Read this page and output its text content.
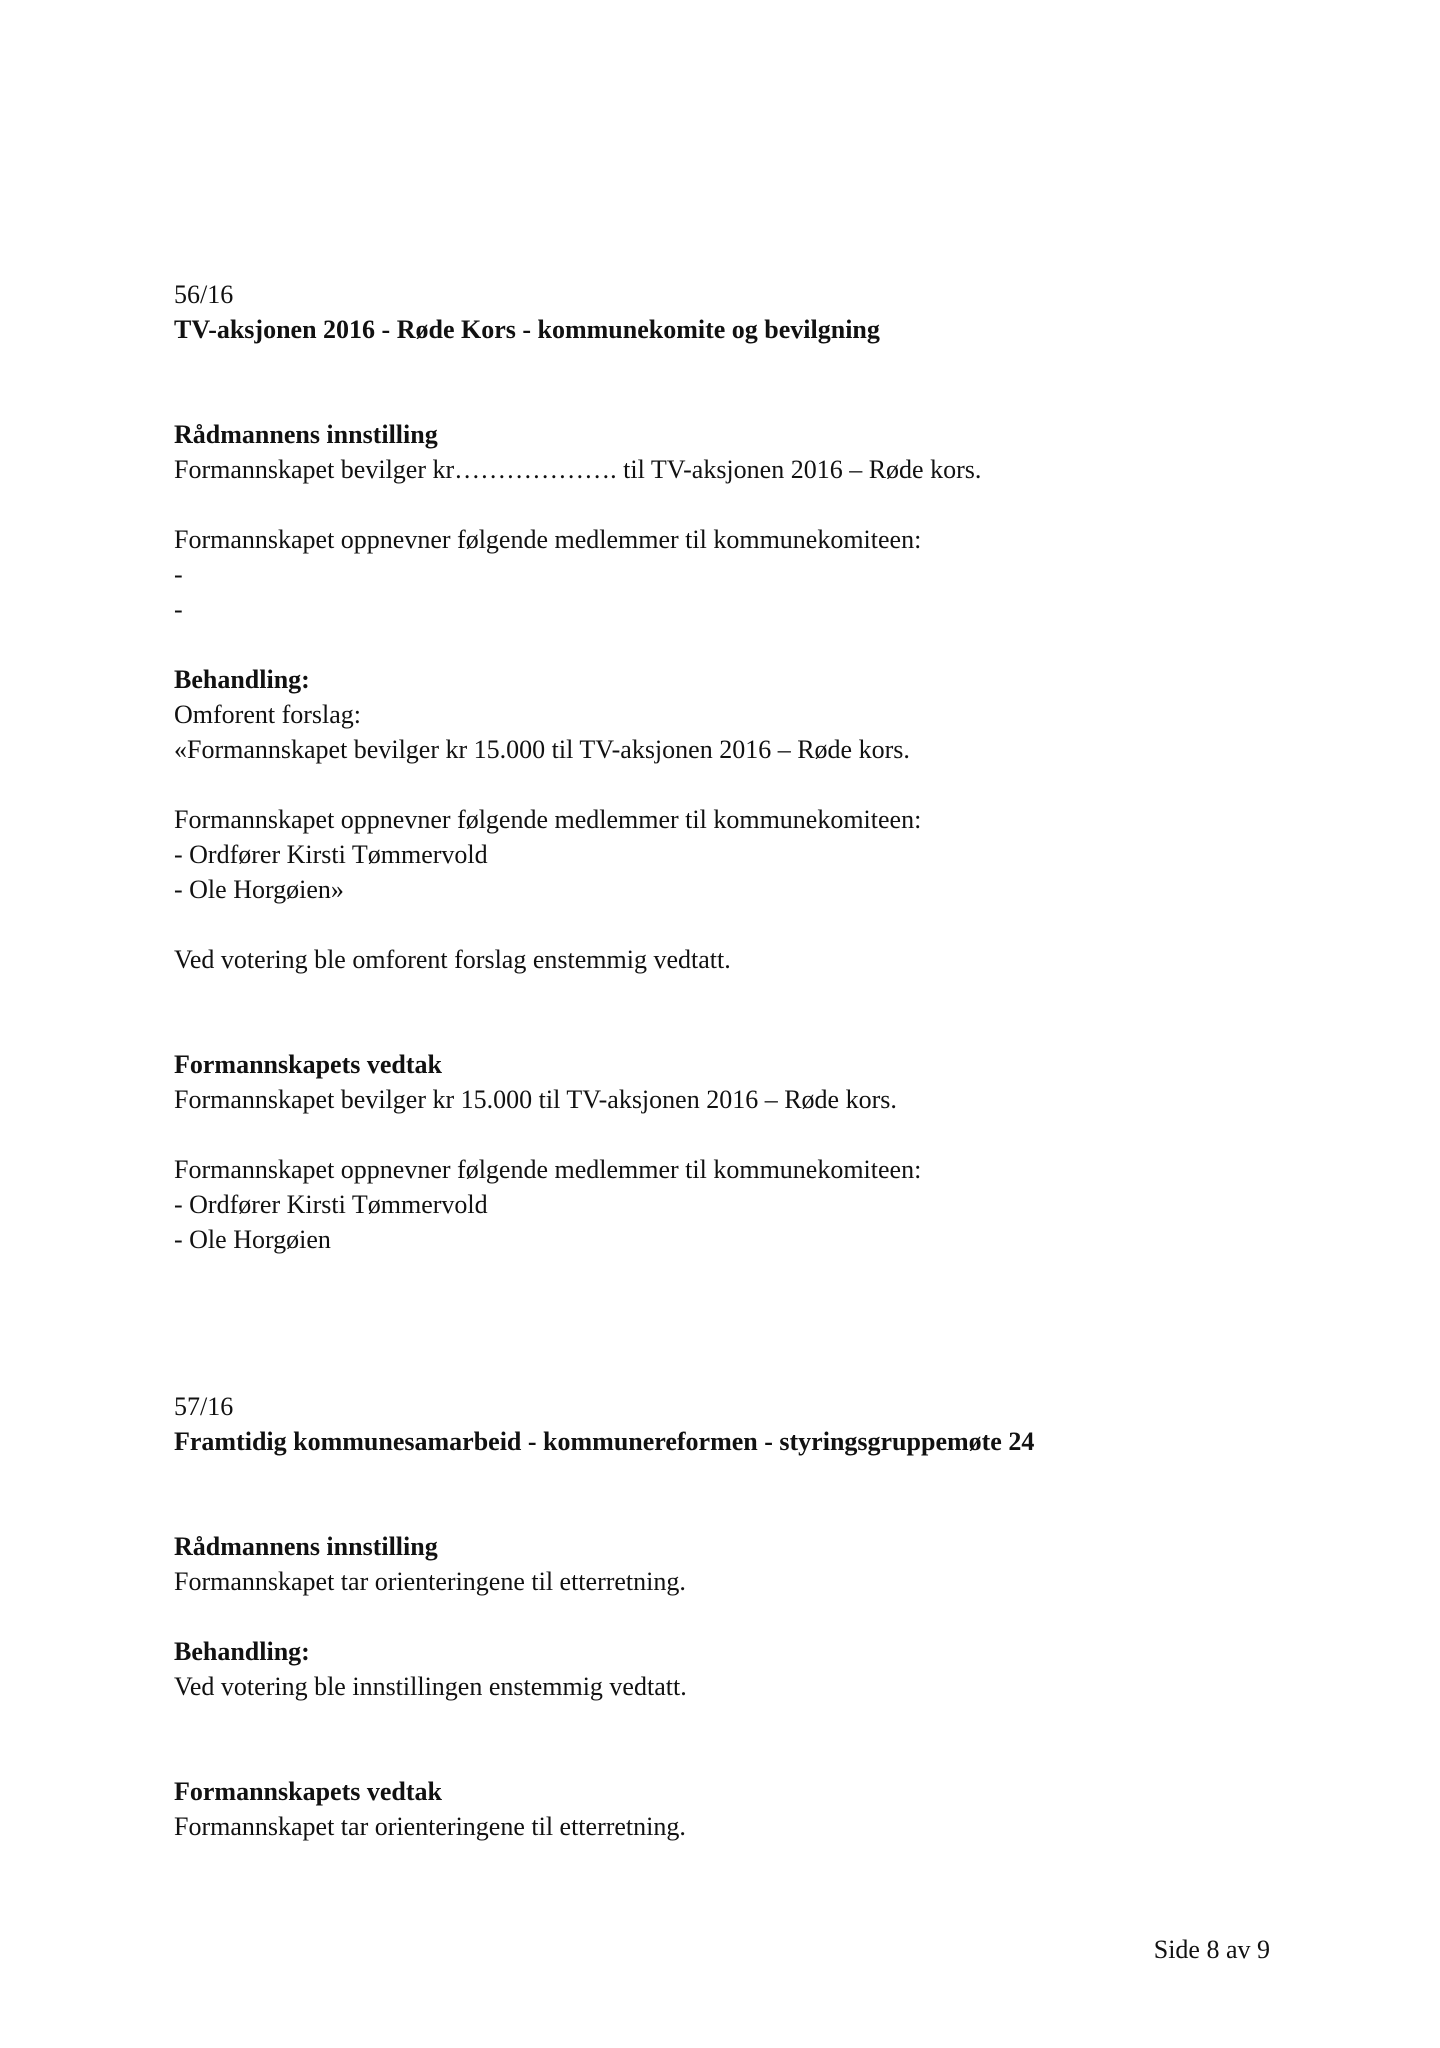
56/16
TV-aksjonen 2016 - Røde Kors - kommunekomite og bevilgning
Rådmannens innstilling
Formannskapet bevilger kr………………. til TV-aksjonen 2016 – Røde kors.
Formannskapet oppnevner følgende medlemmer til kommunekomiteen:
-
-
Behandling:
Omforent forslag:
«Formannskapet bevilger kr 15.000 til TV-aksjonen 2016 – Røde kors.
Formannskapet oppnevner følgende medlemmer til kommunekomiteen:
- Ordfører Kirsti Tømmervold
- Ole Horgøien»
Ved votering ble omforent forslag enstemmig vedtatt.
Formannskapets vedtak
Formannskapet bevilger kr 15.000 til TV-aksjonen 2016 – Røde kors.
Formannskapet oppnevner følgende medlemmer til kommunekomiteen:
- Ordfører Kirsti Tømmervold
- Ole Horgøien
57/16
Framtidig kommunesamarbeid - kommunereformen - styringsgruppemøte 24
Rådmannens innstilling
Formannskapet tar orienteringene til etterretning.
Behandling:
Ved votering ble innstillingen enstemmig vedtatt.
Formannskapets vedtak
Formannskapet tar orienteringene til etterretning.
Side 8 av 9
